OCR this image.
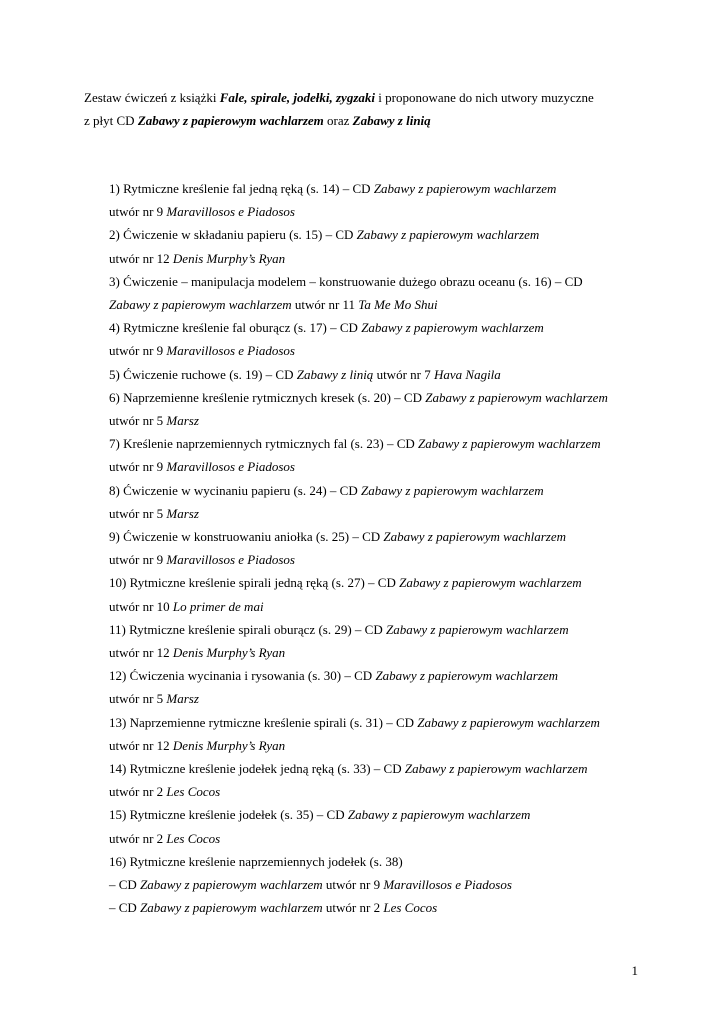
Zestaw ćwiczeń z książki Fale, spirale, jodełki, zygzaki i proponowane do nich utwory muzyczne

z płyt CD Zabawy z papierowym wachlarzem oraz Zabawy z linią

1) Rytmiczne kreślenie fal jedną ręką (s. 14) – CD Zabawy z papierowym wachlarzem
utwór nr 9 Maravillosos e Piadosos
2) Ćwiczenie w składaniu papieru (s. 15) – CD Zabawy z papierowym wachlarzem
utwór nr 12 Denis Murphy’s Ryan
3) Ćwiczenie – manipulacja modelem – konstruowanie dużego obrazu oceanu (s. 16) – CD
Zabawy z papierowym wachlarzem utwór nr 11 Ta Me Mo Shui
4) Rytmiczne kreślenie fal oburącz (s. 17) – CD Zabawy z papierowym wachlarzem
utwór nr 9 Maravillosos e Piadosos
5) Ćwiczenie ruchowe (s. 19) – CD Zabawy z linią utwór nr 7 Hava Nagila
6) Naprzemienne kreślenie rytmicznych kresek (s. 20) – CD Zabawy z papierowym wachlarzem
utwór nr 5 Marsz
7) Kreślenie naprzemiennych rytmicznych fal (s. 23) – CD Zabawy z papierowym wachlarzem
utwór nr 9 Maravillosos e Piadosos
8) Ćwiczenie w wycinaniu papieru (s. 24) – CD Zabawy z papierowym wachlarzem
utwór nr 5 Marsz
9) Ćwiczenie w konstruowaniu aniołka (s. 25) – CD Zabawy z papierowym wachlarzem
utwór nr 9 Maravillosos e Piadosos
10) Rytmiczne kreślenie spirali jedną ręką (s. 27) – CD Zabawy z papierowym wachlarzem
utwór nr 10 Lo primer de mai
11) Rytmiczne kreślenie spirali oburącz (s. 29) – CD Zabawy z papierowym wachlarzem
utwór nr 12 Denis Murphy’s Ryan
12) Ćwiczenia wycinania i rysowania (s. 30) – CD Zabawy z papierowym wachlarzem
utwór nr 5 Marsz
13) Naprzemienne rytmiczne kreślenie spirali (s. 31) – CD Zabawy z papierowym wachlarzem
utwór nr 12 Denis Murphy’s Ryan
14) Rytmiczne kreślenie jodełek jedną ręką (s. 33) – CD Zabawy z papierowym wachlarzem
utwór nr 2 Les Cocos
15) Rytmiczne kreślenie jodełek (s. 35) – CD Zabawy z papierowym wachlarzem
utwór nr 2 Les Cocos
16) Rytmiczne kreślenie naprzemiennych jodełek (s. 38)
– CD Zabawy z papierowym wachlarzem utwór nr 9 Maravillosos e Piadosos
– CD Zabawy z papierowym wachlarzem utwór nr 2 Les Cocos
1
